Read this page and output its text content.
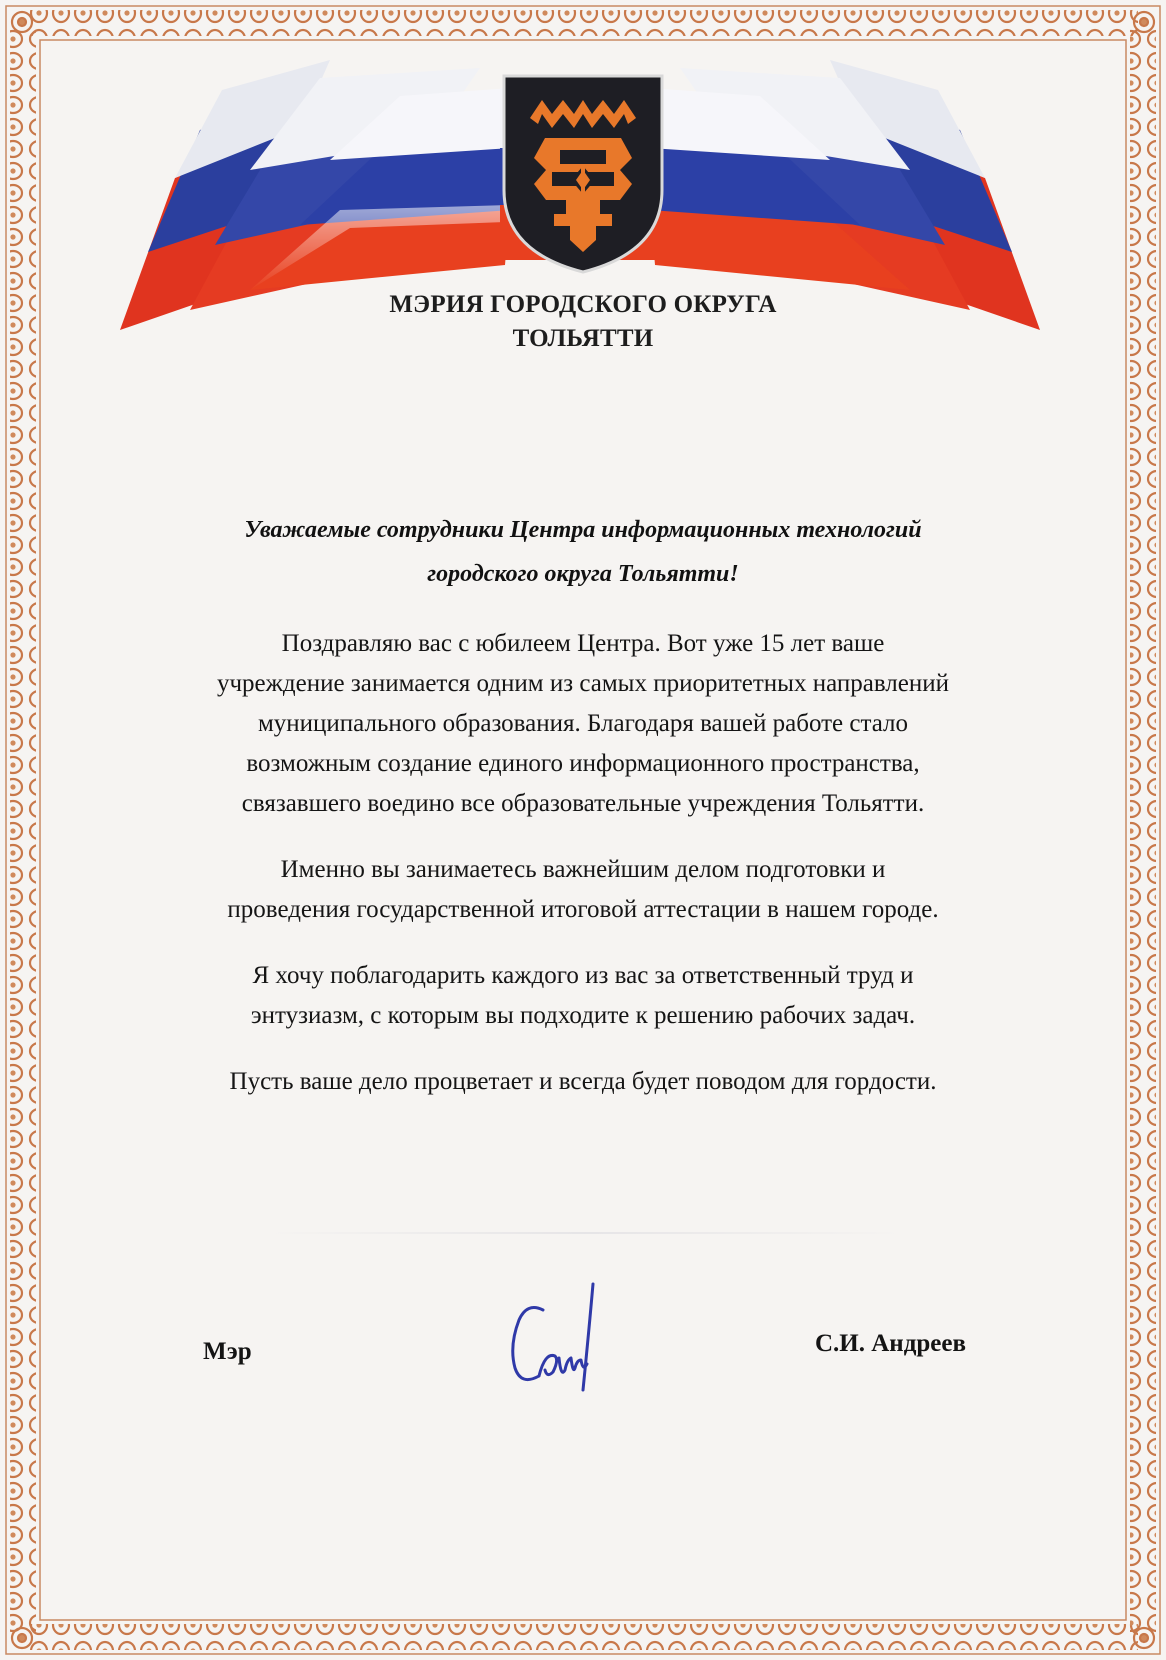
МЭРИЯ ГОРОДСКОГО ОКРУГА
ТОЛЬЯТТИ
Уважаемые сотрудники Центра информационных технологий
городского округа Тольятти!
Поздравляю вас с юбилеем Центра. Вот уже 15 лет ваше
учреждение занимается одним из самых приоритетных направлений
муниципального образования. Благодаря вашей работе стало
возможным создание единого информационного пространства,
связавшего воедино все образовательные учреждения Тольятти.
Именно вы занимаетесь важнейшим делом подготовки и
проведения государственной итоговой аттестации в нашем городе.
Я хочу поблагодарить каждого из вас за ответственный труд и
энтузиазм, с которым вы подходите к решению рабочих задач.
Пусть ваше дело процветает и всегда будет поводом для гордости.
Мэр	С.И. Андреев
